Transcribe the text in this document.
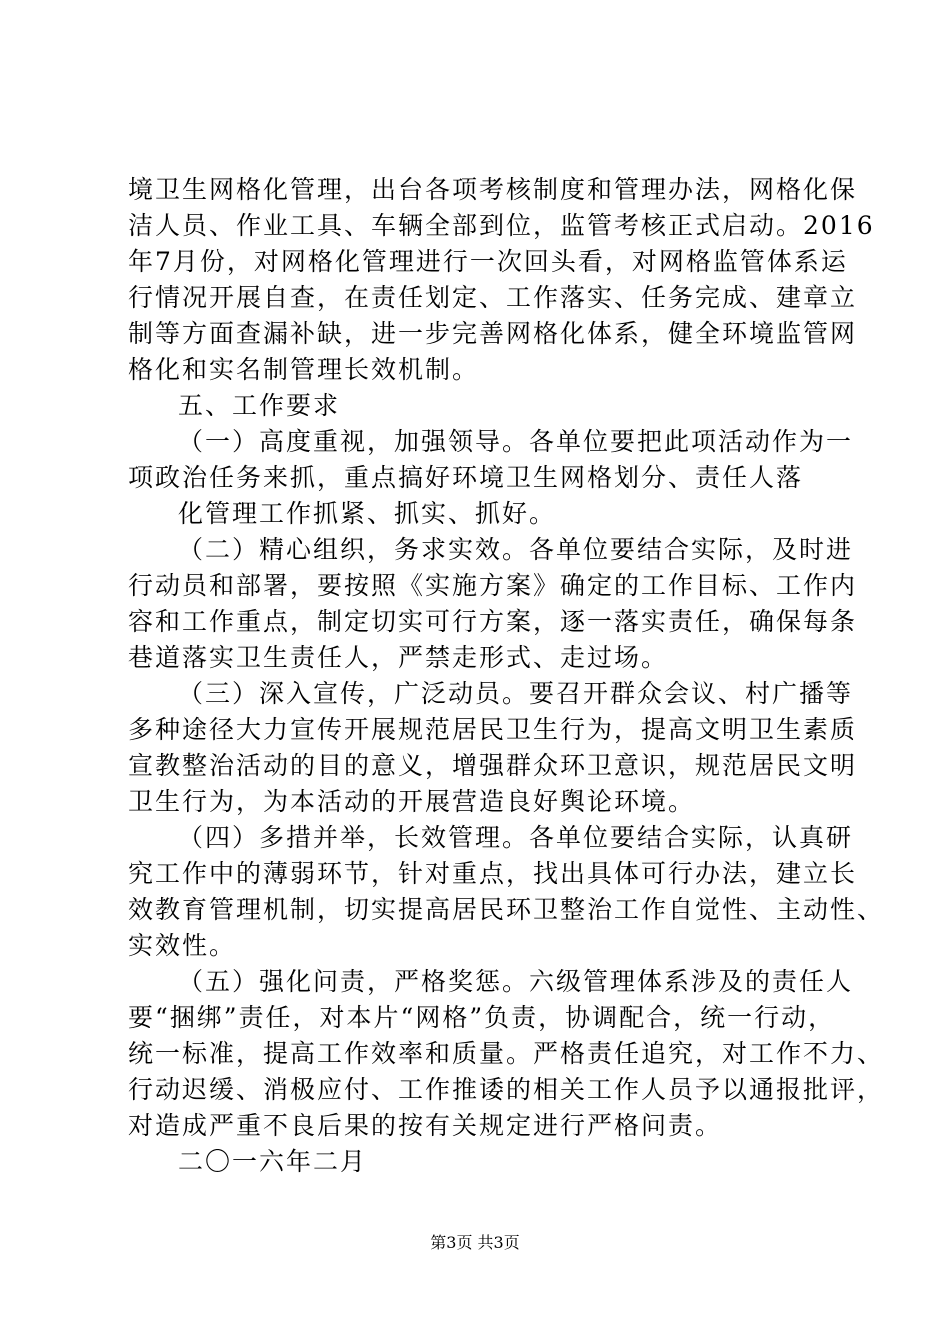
境卫生网格化管理，出台各项考核制度和管理办法，网格化保
洁人员、作业工具、车辆全部到位，监管考核正式启动。2016
年7月份，对网格化管理进行一次回头看，对网格监管体系运
行情况开展自查，在责任划定、工作落实、任务完成、建章立
制等方面查漏补缺，进一步完善网格化体系，健全环境监管网
格化和实名制管理长效机制。
五、工作要求
（一）高度重视，加强领导。各单位要把此项活动作为一
项政治任务来抓，重点搞好环境卫生网格划分、责任人落
化管理工作抓紧、抓实、抓好。
（二）精心组织，务求实效。各单位要结合实际，及时进
行动员和部署，要按照《实施方案》确定的工作目标、工作内
容和工作重点，制定切实可行方案，逐一落实责任，确保每条
巷道落实卫生责任人，严禁走形式、走过场。
（三）深入宣传，广泛动员。要召开群众会议、村广播等
多种途径大力宣传开展规范居民卫生行为，提高文明卫生素质
宣教整治活动的目的意义，增强群众环卫意识，规范居民文明
卫生行为，为本活动的开展营造良好舆论环境。
（四）多措并举，长效管理。各单位要结合实际，认真研
究工作中的薄弱环节，针对重点，找出具体可行办法，建立长
效教育管理机制，切实提高居民环卫整治工作自觉性、主动性、
实效性。
（五）强化问责，严格奖惩。六级管理体系涉及的责任人
要“捆绑”责任，对本片“网格”负责，协调配合，统一行动，
统一标准，提高工作效率和质量。严格责任追究，对工作不力、
行动迟缓、消极应付、工作推诿的相关工作人员予以通报批评，
对造成严重不良后果的按有关规定进行严格问责。
二〇一六年二月
第3页 共3页
